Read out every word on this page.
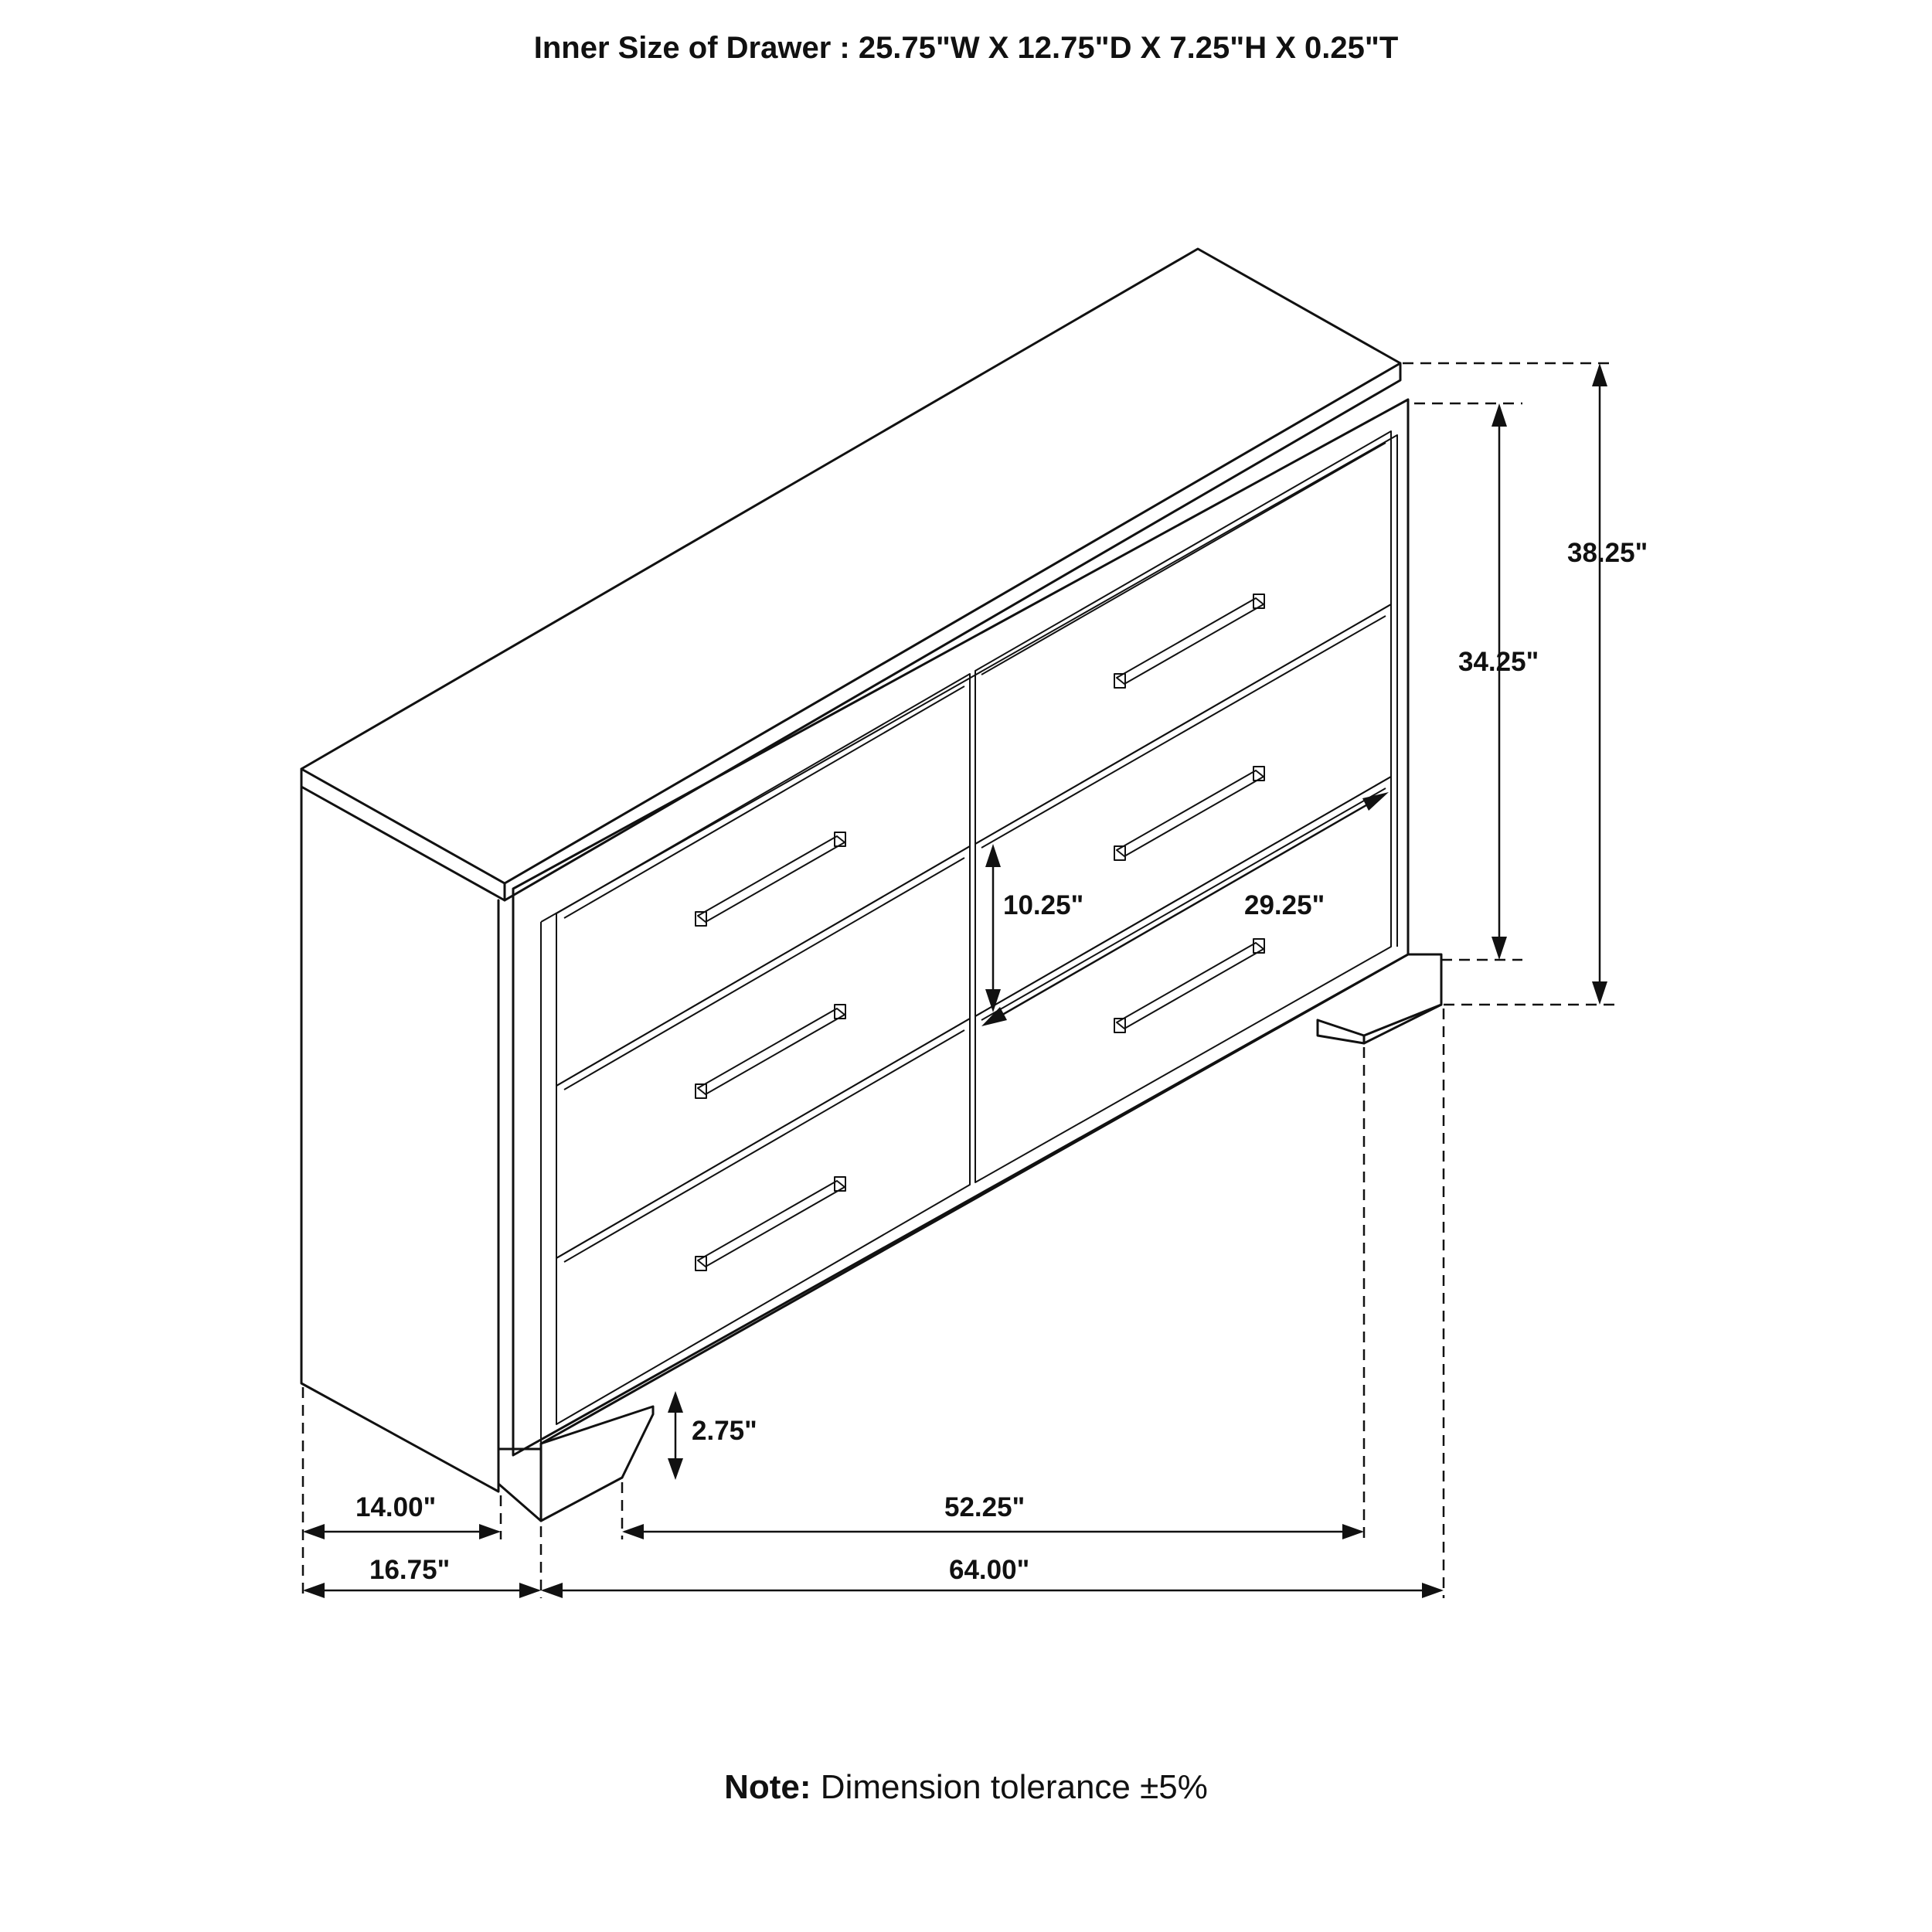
Inner Size of Drawer : 25.75"W X 12.75"D X 7.25"H X 0.25"T
38.25"
34.25"
10.25"	29.25"
2.75"
14.00"
16.75"
52.25"
64.00"
Note: Dimension tolerance ±5%
